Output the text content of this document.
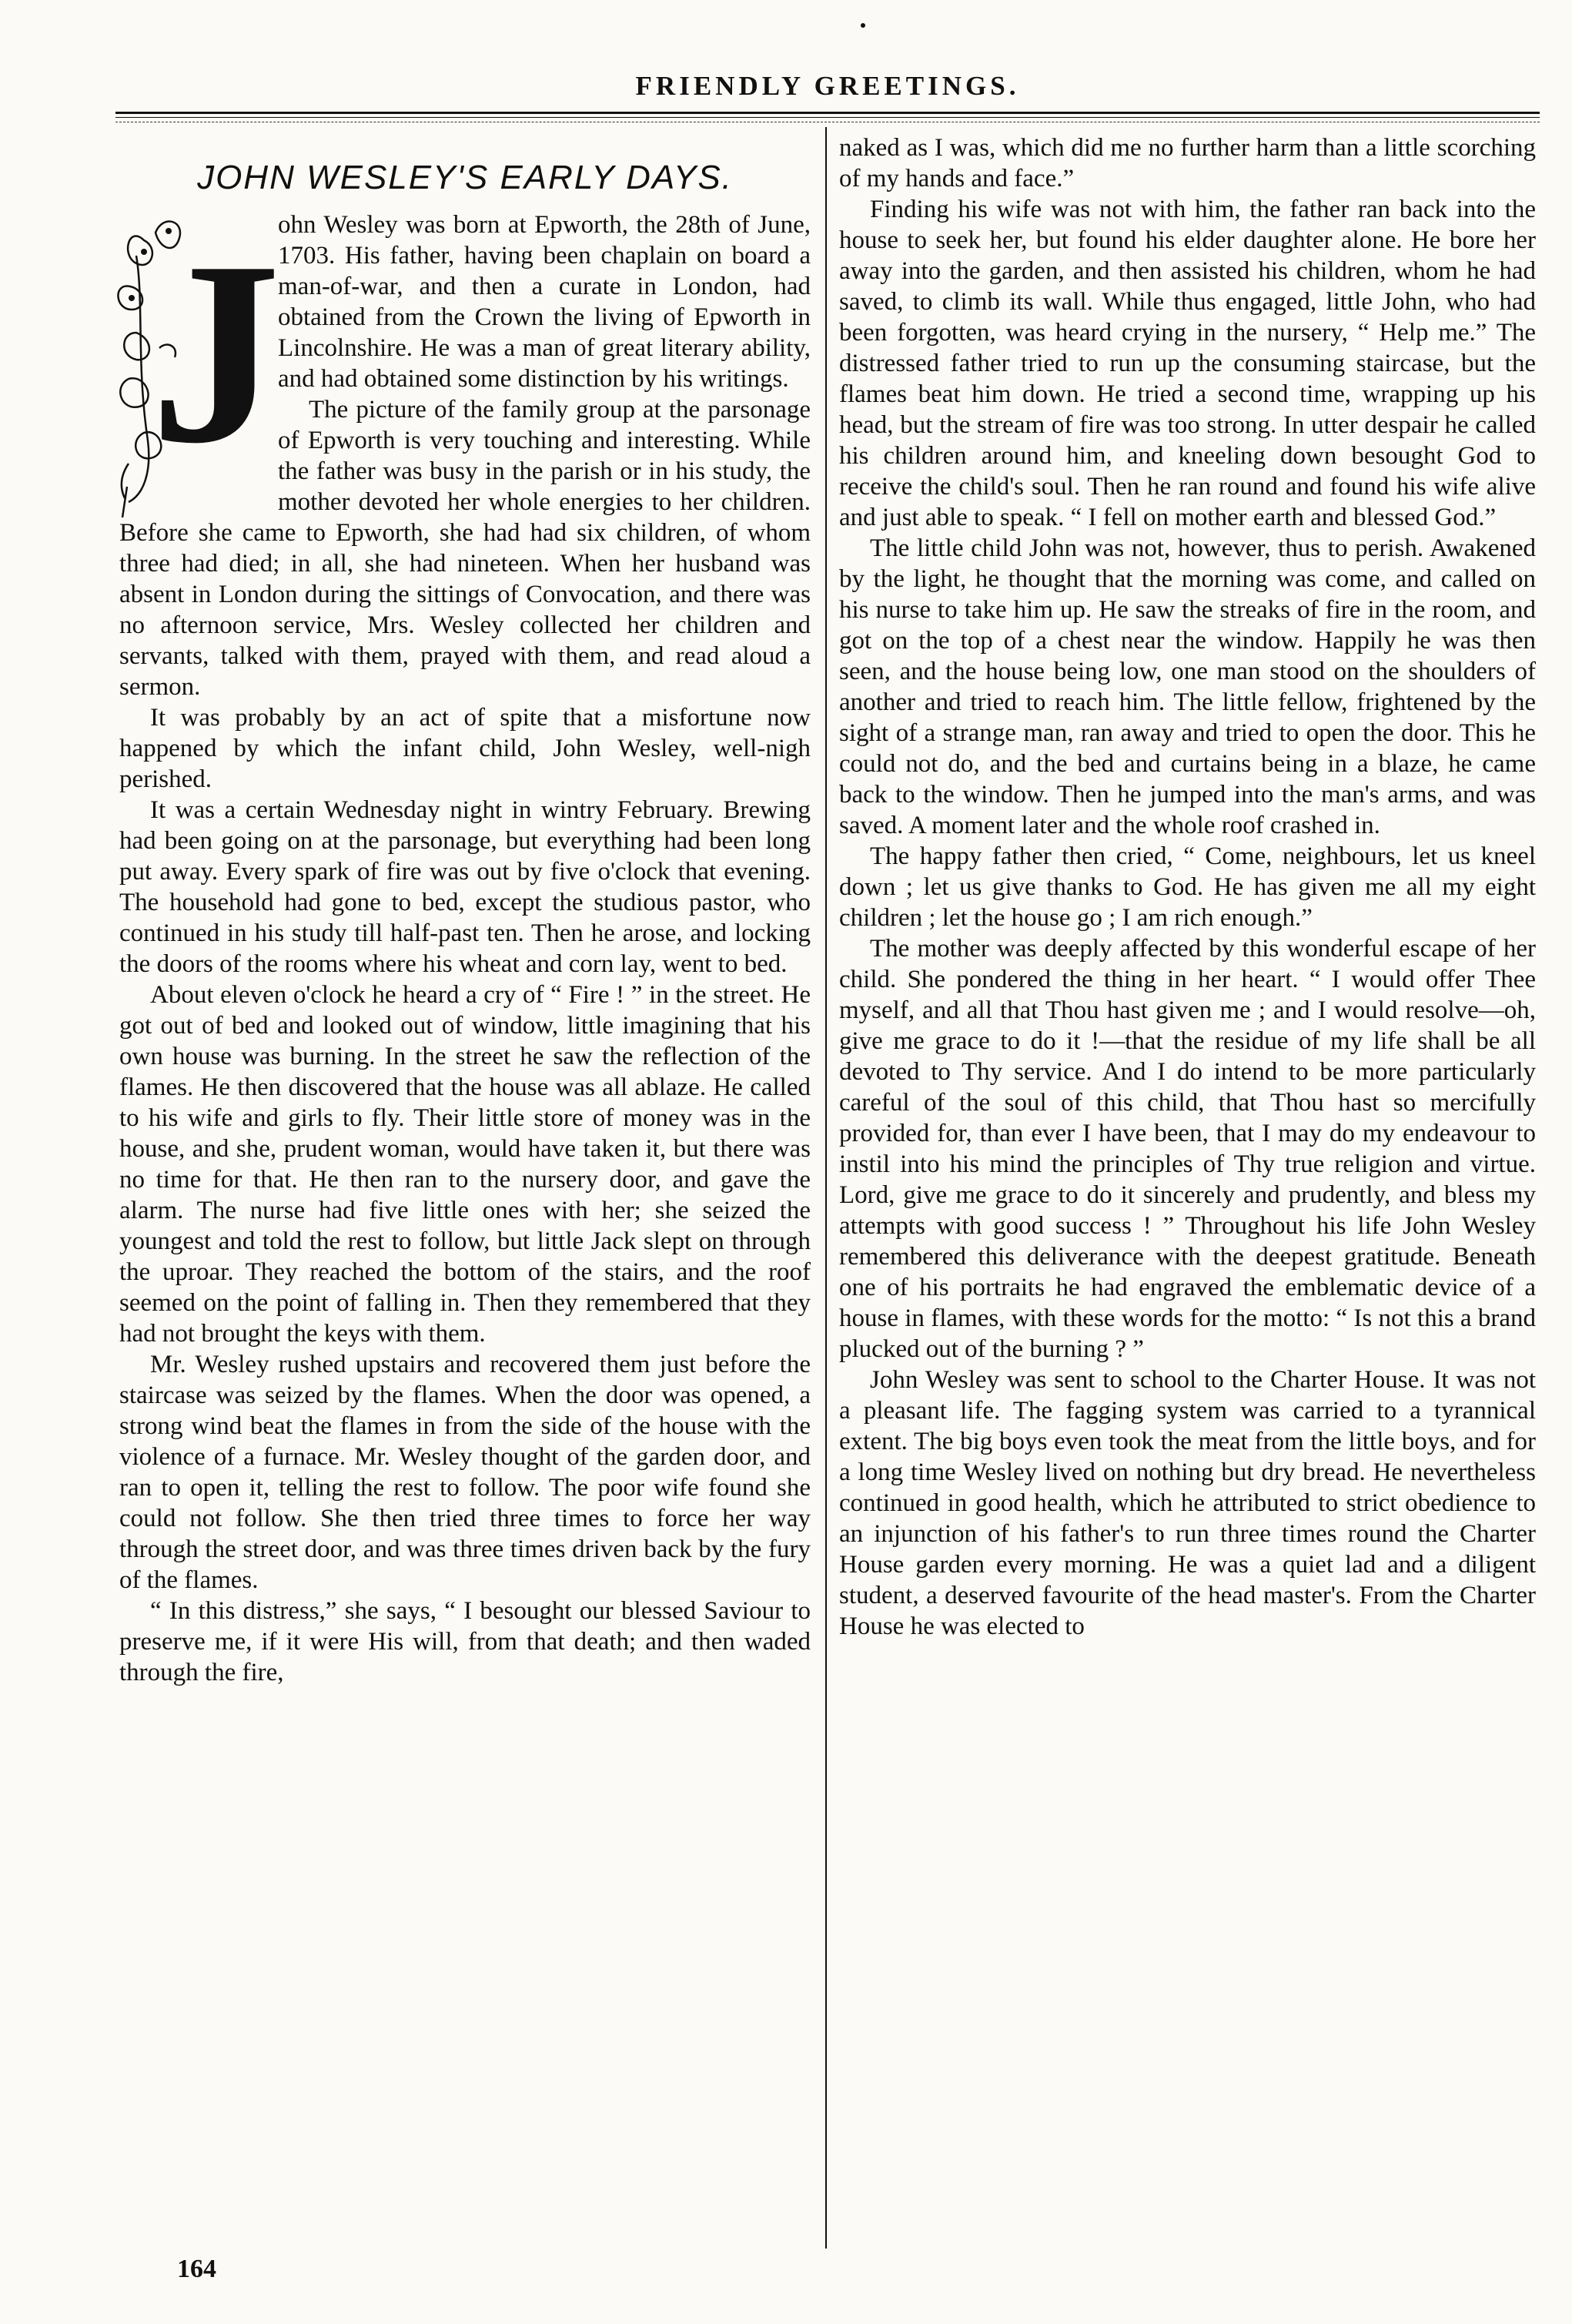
FRIENDLY GREETINGS.
JOHN WESLEY'S EARLY DAYS.
J

ohn Wesley was born at Epworth, the 28th of June, 1703. His father, having been chaplain on board a man-of-war, and then a curate in London, had obtained from the Crown the living of Epworth in Lincolnshire. He was a man of great literary ability, and had obtained some distinction by his writings.

The picture of the family group at the parsonage of Epworth is very touching and interesting. While the father was busy in the parish or in his study, the mother devoted her whole energies to her children. Before she came to Epworth, she had had six children, of whom three had died; in all, she had nineteen. When her husband was absent in London during the sittings of Convocation, and there was no afternoon service, Mrs. Wesley collected her children and servants, talked with them, prayed with them, and read aloud a sermon.

It was probably by an act of spite that a misfortune now happened by which the infant child, John Wesley, well-nigh perished.

It was a certain Wednesday night in wintry February. Brewing had been going on at the parsonage, but everything had been long put away. Every spark of fire was out by five o'clock that evening. The household had gone to bed, except the studious pastor, who continued in his study till half-past ten. Then he arose, and locking the doors of the rooms where his wheat and corn lay, went to bed.

About eleven o'clock he heard a cry of “ Fire ! ” in the street. He got out of bed and looked out of window, little imagining that his own house was burning. In the street he saw the reflection of the flames. He then discovered that the house was all ablaze. He called to his wife and girls to fly. Their little store of money was in the house, and she, prudent woman, would have taken it, but there was no time for that. He then ran to the nursery door, and gave the alarm. The nurse had five little ones with her; she seized the youngest and told the rest to follow, but little Jack slept on through the uproar. They reached the bottom of the stairs, and the roof seemed on the point of falling in. Then they remembered that they had not brought the keys with them.

Mr. Wesley rushed upstairs and recovered them just before the staircase was seized by the flames. When the door was opened, a strong wind beat the flames in from the side of the house with the violence of a furnace. Mr. Wesley thought of the garden door, and ran to open it, telling the rest to follow. The poor wife found she could not follow. She then tried three times to force her way through the street door, and was three times driven back by the fury of the flames.

“ In this distress,” she says, “ I besought our blessed Saviour to preserve me, if it were His will, from that death; and then waded through the fire,

naked as I was, which did me no further harm than a little scorching of my hands and face.”

Finding his wife was not with him, the father ran back into the house to seek her, but found his elder daughter alone. He bore her away into the garden, and then assisted his children, whom he had saved, to climb its wall. While thus engaged, little John, who had been forgotten, was heard crying in the nursery, “ Help me.” The distressed father tried to run up the consuming staircase, but the flames beat him down. He tried a second time, wrapping up his head, but the stream of fire was too strong. In utter despair he called his children around him, and kneeling down besought God to receive the child's soul. Then he ran round and found his wife alive and just able to speak. “ I fell on mother earth and blessed God.”

The little child John was not, however, thus to perish. Awakened by the light, he thought that the morning was come, and called on his nurse to take him up. He saw the streaks of fire in the room, and got on the top of a chest near the window. Happily he was then seen, and the house being low, one man stood on the shoulders of another and tried to reach him. The little fellow, frightened by the sight of a strange man, ran away and tried to open the door. This he could not do, and the bed and curtains being in a blaze, he came back to the window. Then he jumped into the man's arms, and was saved. A moment later and the whole roof crashed in.

The happy father then cried, “ Come, neighbours, let us kneel down ; let us give thanks to God. He has given me all my eight children ; let the house go ; I am rich enough.”

The mother was deeply affected by this wonderful escape of her child. She pondered the thing in her heart. “ I would offer Thee myself, and all that Thou hast given me ; and I would resolve—oh, give me grace to do it !—that the residue of my life shall be all devoted to Thy service. And I do intend to be more particularly careful of the soul of this child, that Thou hast so mercifully provided for, than ever I have been, that I may do my endeavour to instil into his mind the principles of Thy true religion and virtue. Lord, give me grace to do it sincerely and prudently, and bless my attempts with good success ! ” Throughout his life John Wesley remembered this deliverance with the deepest gratitude. Beneath one of his portraits he had engraved the emblematic device of a house in flames, with these words for the motto: “ Is not this a brand plucked out of the burning ? ”

John Wesley was sent to school to the Charter House. It was not a pleasant life. The fagging system was carried to a tyrannical extent. The big boys even took the meat from the little boys, and for a long time Wesley lived on nothing but dry bread. He nevertheless continued in good health, which he attributed to strict obedience to an injunction of his father's to run three times round the Charter House garden every morning. He was a quiet lad and a diligent student, a deserved favourite of the head master's. From the Charter House he was elected to

164
